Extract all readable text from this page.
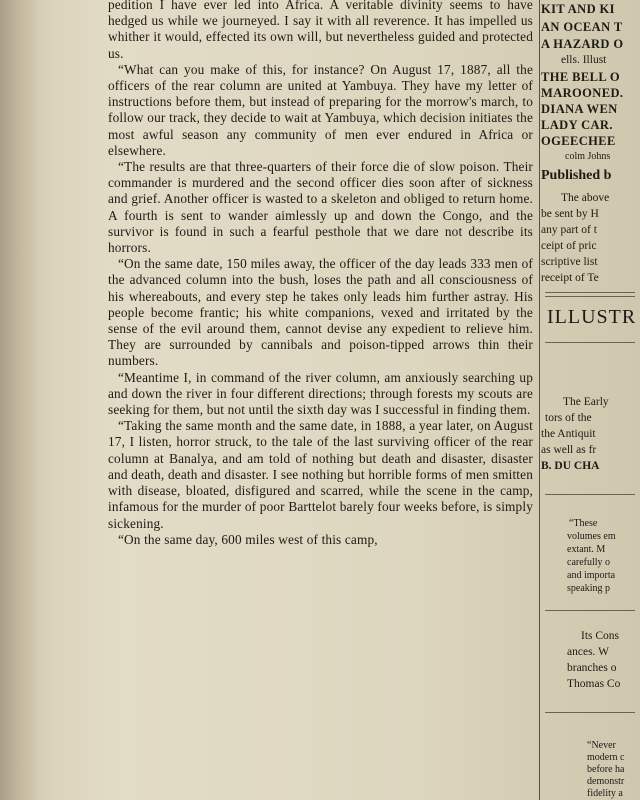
pedition I have ever led into Africa. A veritable divinity seems to have hedged us while we journeyed. I say it with all reverence. It has impelled us whither it would, effected its own will, but nevertheless guided and protected us.

“What can you make of this, for instance? On August 17, 1887, all the officers of the rear column are united at Yambuya. They have my letter of instructions before them, but instead of preparing for the morrow's march, to follow our track, they decide to wait at Yambuya, which decision initiates the most awful season any community of men ever endured in Africa or elsewhere.

“The results are that three-quarters of their force die of slow poison. Their commander is murdered and the second officer dies soon after of sickness and grief. Another officer is wasted to a skeleton and obliged to return home. A fourth is sent to wander aimlessly up and down the Congo, and the survivor is found in such a fearful pesthole that we dare not describe its horrors.

“On the same date, 150 miles away, the officer of the day leads 333 men of the advanced column into the bush, loses the path and all consciousness of his whereabouts, and every step he takes only leads him further astray. His people become frantic; his white companions, vexed and irritated by the sense of the evil around them, cannot devise any expedient to relieve him. They are surrounded by cannibals and poison-tipped arrows thin their numbers.

“Meantime I, in command of the river column, am anxiously searching up and down the river in four different directions; through forests my scouts are seeking for them, but not until the sixth day was I successful in finding them.

“Taking the same month and the same date, in 1888, a year later, on August 17, I listen, horror struck, to the tale of the last surviving officer of the rear column at Banalya, and am told of nothing but death and disaster, disaster and death, death and disaster. I see nothing but horrible forms of men smitten with disease, bloated, disfigured and scarred, while the scene in the camp, infamous for the murder of poor Barttelot barely four weeks before, is simply sickening.

“On the same day, 600 miles west of this camp,

KIT AND KI
AN OCEAN T
A HAZARD O
ells. Illust
THE BELL O
MAROONED.
DIANA WEN
LADY CAR.
OGEECHEE
colm Johns
Published b
The above
be sent by H
any part of t
ceipt of pric
scriptive list
receipt of Te
ILLUSTR
The Early
tors of the
the Antiquit
as well as fr
B. DU CHA
“These
volumes em
extant. M
carefully o
and importa
speaking p
Its Cons
ances. W
branches o
Thomas Co
“Never
modern c
before ha
demonstr
fidelity a
